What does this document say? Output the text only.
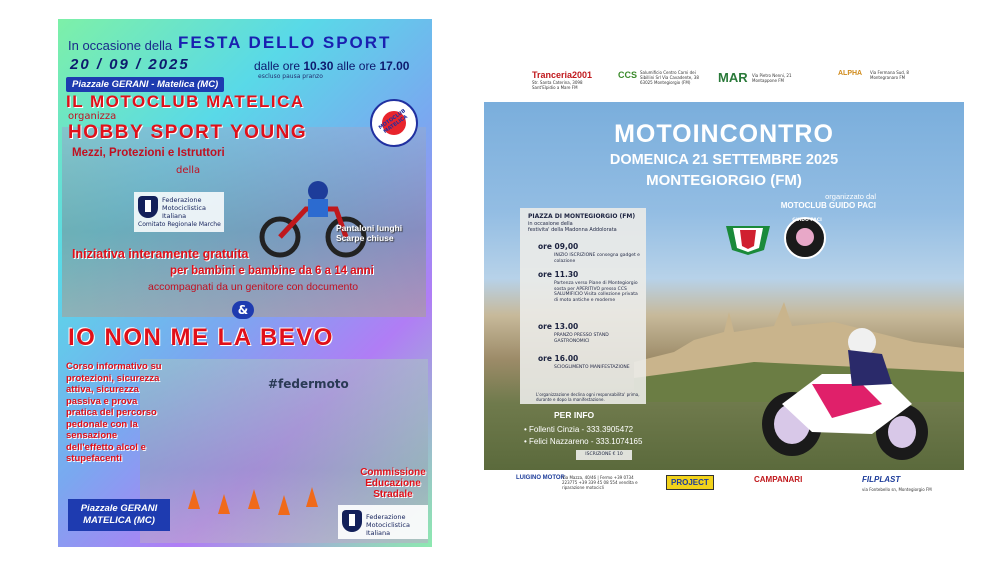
In occasione della FESTA DELLO SPORT
20 / 09 / 2025	dalle ore 10.30 alle ore 17.00
escluso pausa pranzo
Piazzale GERANI - Matelica (MC)
IL MOTOCLUB MATELICA
organizza
HOBBY SPORT YOUNG
Mezzi, Protezioni e Istruttori
della
MOTOCLUB MATELICA
Federazione
Motociclistica
Italiana
Comitato Regionale Marche	Pantaloni lunghi Scarpe chiuse
Iniziativa interamente gratuita
per bambini e bambine da 6 a 14 anni
accompagnati da un genitore con documento
&
IO NON ME LA BEVO
#federmoto
Corso informativo su protezioni, sicurezza attiva, sicurezza passiva e prova pratica del percorso pedonale con la sensazione dell'effetto alcol e stupefacenti
Commissione Educazione Stradale
Piazzale GERANI
MATELICA (MC)	Federazione
Motociclistica
Italiana
Tranceria2001
Str. Santa Caterina, 3098 Sant'Elpidio a Mare FM
CCS Salumificio Centro Carni dei Sibillini Srl Via Cavadente, 38 63025 Montegiorgio (FM)	MAR Via Pietro Nenni, 21 Montappone FM
ALPHA Via Fermana Sud, 8 Montegranaro FM
MOTOINCONTRO
DOMENICA 21 SETTEMBRE 2025
MONTEGIORGIO (FM)
organizzato dal
MOTOCLUB GUIDO PACI
PIAZZA DI MONTEGIORGIO (FM)
in occasione della
festivita' della Madonna Addolorata
ore 09,00
INIZIO ISCRIZIONE consegna gadget e colazione
ore 11.30
Partenza verso Piane di Montegiorgio sosta per APERITIVO presso CCS SALUMIFICIO Visita collezione privata di moto antiche e moderne
ore 13.00
PRANZO PRESSO STAND GASTRONOMICI
ore 16.00
SCIOGLIMENTO MANIFESTAZIONE
L'organizzazione declina ogni responsabilita' prima, durante e dopo la manifestazione.
GUIDO PACI
PER INFO
• Follenti Cinzia - 333.3905472
• Felici Nazzareno - 333.1074165
ISCRIZIONE € 10
LUIGINO MOTOR
Via Mazza, 40/46 | Fermo +39 0734 223775 +39 339 45 08 554 vendita e riparazione motocicli
PROJECT	CAMPANARI	FILPLAST
via Fontebello sn, Montegiorgio FM
